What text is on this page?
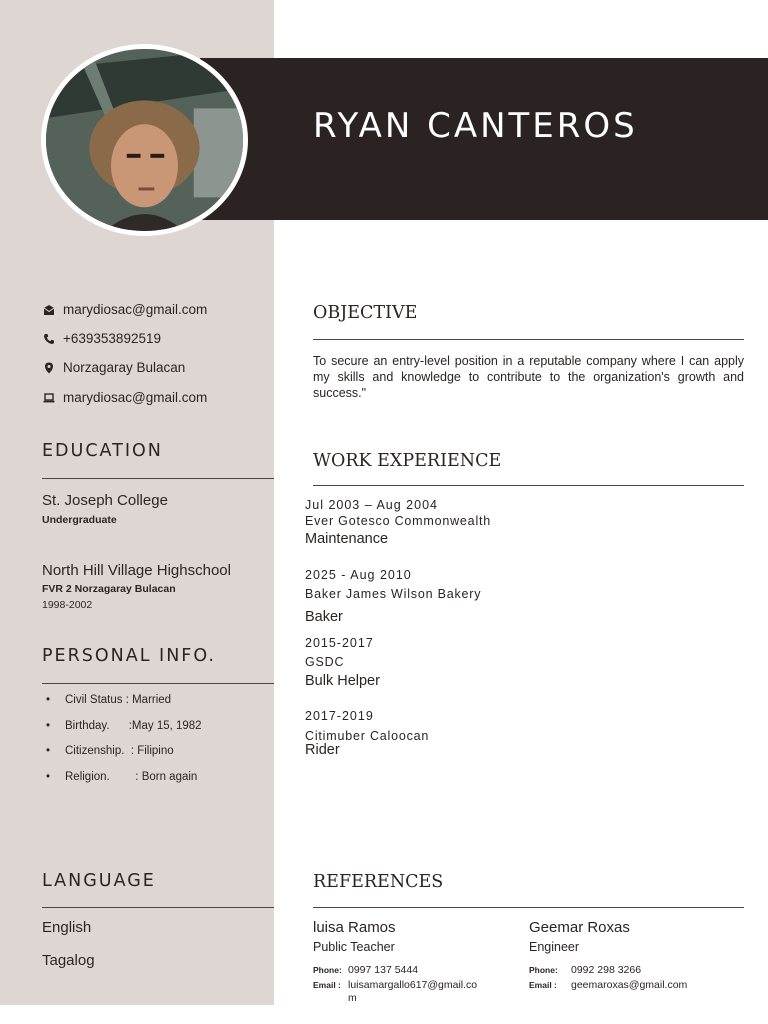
RYAN CANTEROS
marydiosac@gmail.com
+639353892519
Norzagaray Bulacan
marydiosac@gmail.com
EDUCATION
St. Joseph College
Undergraduate
North Hill Village Highschool
FVR 2 Norzagaray Bulacan
1998-2002
PERSONAL INFO.
• Civil Status : Married
• Birthday.      :May 15, 1982
• Citizenship.  : Filipino
• Religion.        : Born again
LANGUAGE
English
Tagalog
OBJECTIVE
To secure an entry-level position in a reputable company where I can apply my skills and knowledge to contribute to the organization's growth and success."
WORK EXPERIENCE
Jul 2003 – Aug 2004
Ever Gotesco Commonwealth
Maintenance
2025 - Aug 2010
Baker James Wilson Bakery
Baker
2015-2017
GSDC
Bulk Helper
2017-2019
Citimuber Caloocan
Rider
REFERENCES
luisa Ramos
Public Teacher
Phone: 0997 137 5444
Email : luisamargallo617@gmail.co
m
Geemar Roxas
Engineer
Phone: 0992 298 3266
Email : geemaroxas@gmail.com
